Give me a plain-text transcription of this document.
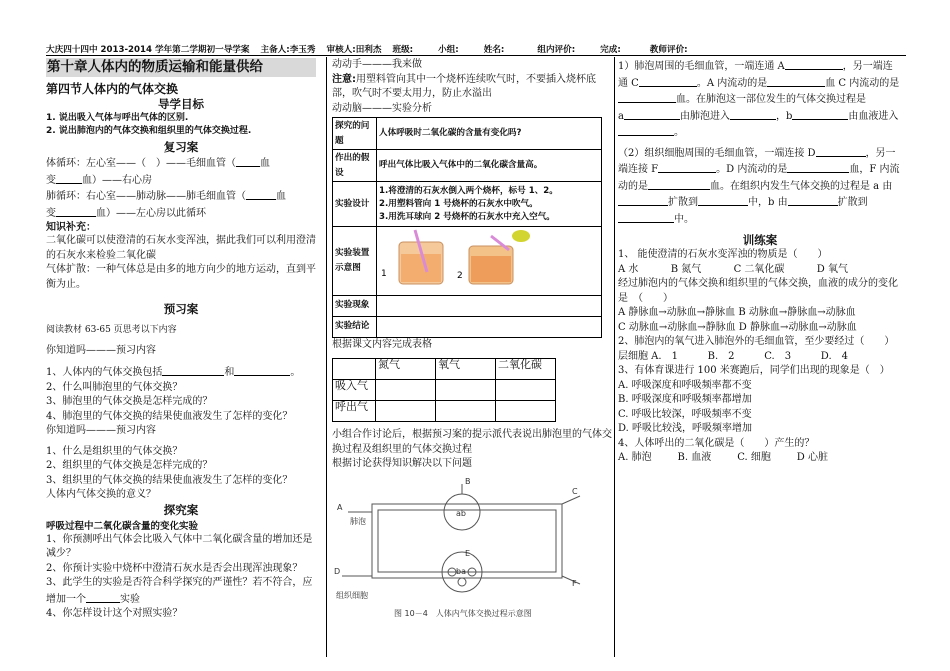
大庆四十四中 2013-2014 学年第二学期初一导学案 主备人:李玉秀 审核人:田利杰 班级:	小组:	姓名:	组内评价:	完成:	教师评价:
第十章人体内的物质运输和能量供给
第四节人体内的气体交换
导学目标
1. 说出吸入气体与呼出气体的区别.
2. 说出肺泡内的气体交换和组织里的气体交换过程.
复习案
体循环：左心室——（　）——毛细血管（ 血
变	血）——右心房
肺循环：右心室——肺动脉——肺毛细血管（	血
变	血）——左心房以此循环
知识补充：
二氧化碳可以使澄清的石灰水变浑浊，据此我们可以利用澄清的石灰水来检验二氧化碳
气体扩散：一种气体总是由多的地方向少的地方运动，直到平衡为止。
预习案
阅读教材 63-65 页思考以下内容
你知道吗———预习内容
1、人体内的气体交换包括	和	。
2、什么叫肺泡里的气体交换？
3、肺泡里的气体交换是怎样完成的？
4、肺泡里的气体交换的结果使血液发生了怎样的变化？
你知道吗———预习内容
1、什么是组织里的气体交换？
2、组织里的气体交换是怎样完成的？
3、组织里的气体交换的结果使血液发生了怎样的变化？
人体内气体交换的意义？
探究案
呼吸过程中二氧化碳含量的变化实验
1、你预测呼出气体会比吸入气体中二氧化碳含量的增加还是减少？
2、你预计实验中烧杯中澄清石灰水是否会出现浑浊现象？
3、此学生的实验是否符合科学探究的严谨性？若不符合，应增加一个	实验
4、你怎样设计这个对照实验？
动动手———我来做
注意:用塑料管向其中一个烧杯连续吹气时，不要插入烧杯底部，吹气时不要太用力，防止水溢出
动动脑———实验分析
探究的问题	人体呼吸时二氧化碳的含量有变化吗?
作出的假设	呼出气体比吸入气体中的二氧化碳含量高。
实验设计	1.将澄清的石灰水倒入两个烧杯，标号 1、2。
2.用塑料管向 1 号烧杯的石灰水中吹气。
3.用洗耳球向 2 号烧杯的石灰水中充入空气。
实验装置示意图	1 2

实验现象	
实验结论	
根据课文内容完成表格
	氮气	氧气	二氧化碳
吸入气			
呼出气			
小组合作讨论后，根据预习案的提示派代表说出肺泡里的气体交换过程及组织里的气体交换过程
根据讨论获得知识解决以下问题
A
肺泡
ab
ba
B
C
D
组织细胞
E
F
图 10－4　人体内气体交换过程示意图
1）肺泡周围的毛细血管，一端连通 A	，另一端连通 C	。A 内流动的是	血 C 内流动的是血。在肺泡这一部位发生的气体交换过程是
a	由肺泡进入	，b	由血液进入。
（2）组织细胞周围的毛细血管，一端连接 D	，另一端连接 F	。D 内流动的是	血，F 内流动的是	血。在组织内发生气体交换的过程是 a 由扩散到	中，b 由	扩散到中。
训练案
1、 能使澄清的石灰水变浑浊的物质是（　　）
A 水	B 氮气	C 二氧化碳	D 氧气
经过肺泡内的气体交换和组织里的气体交换，血液的成分的变化是　（　　）
A 静脉血→动脉血→静脉血 B 动脉血→静脉血→动脉血
C 动脉血→动脉血→静脉血 D 静脉血→动脉血→动脉血
2、肺泡内的氧气进入肺泡外的毛细血管，至少要经过（　　）
层细胞 A.　1	B.　2	C.　3	D.　4
3、有体育课进行 100 米赛跑后，同学们出现的现象是（　）
A. 呼吸深度和呼吸频率都不变
B. 呼吸深度和呼吸频率都增加
C. 呼吸比较深，呼吸频率不变
D. 呼吸比较浅，呼吸频率增加
4、人体呼出的二氧化碳是（　　）产生的？
A. 肺泡	B. 血液	C. 细胞	D 心脏
